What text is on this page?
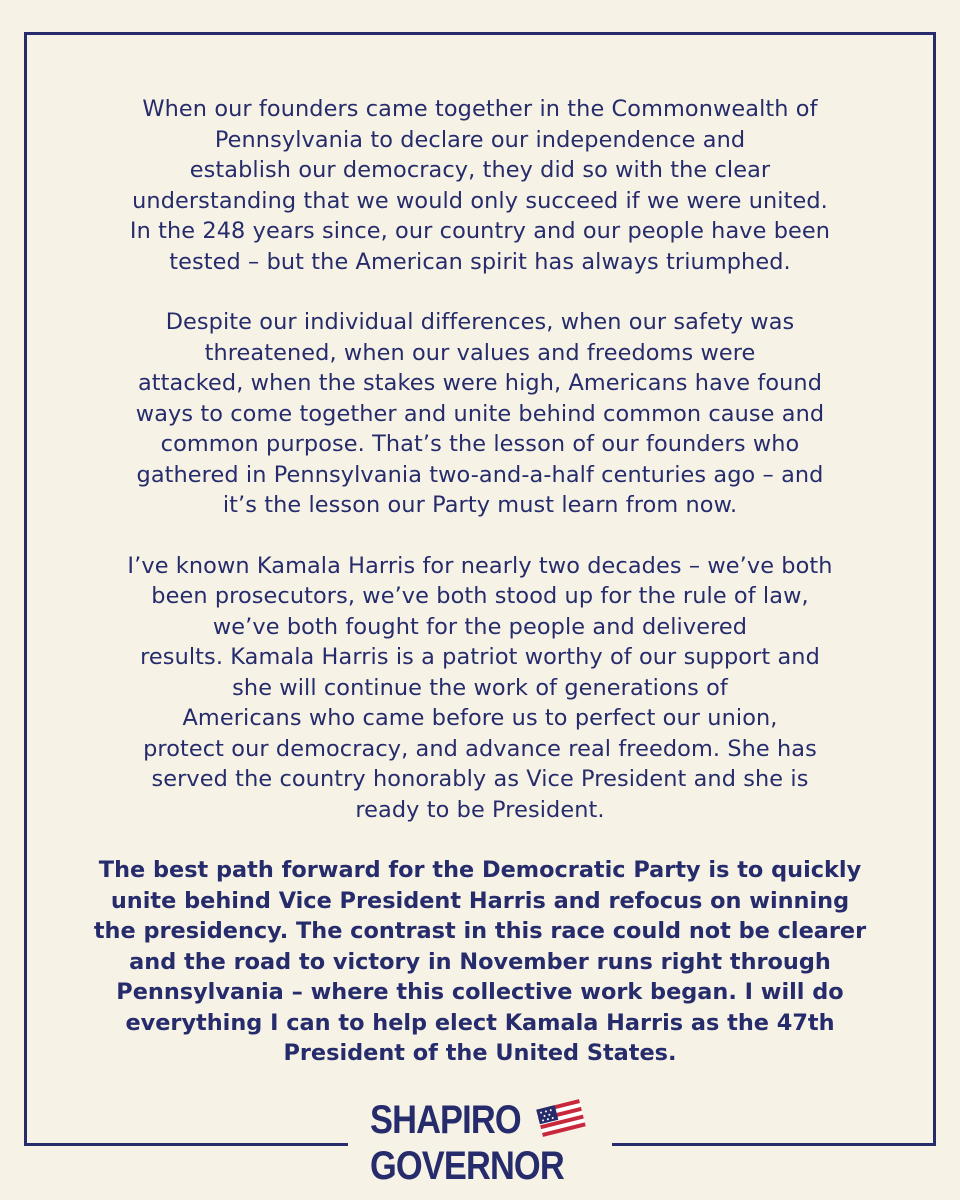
When our founders came together in the Commonwealth of
Pennsylvania to declare our independence and
establish our democracy, they did so with the clear
understanding that we would only succeed if we were united.
In the 248 years since, our country and our people have been
tested – but the American spirit has always triumphed.

Despite our individual differences, when our safety was
threatened, when our values and freedoms were
attacked, when the stakes were high, Americans have found
ways to come together and unite behind common cause and
common purpose. That’s the lesson of our founders who
gathered in Pennsylvania two-and-a-half centuries ago – and
it’s the lesson our Party must learn from now.

I’ve known Kamala Harris for nearly two decades – we’ve both
been prosecutors, we’ve both stood up for the rule of law,
we’ve both fought for the people and delivered
results. Kamala Harris is a patriot worthy of our support and
she will continue the work of generations of
Americans who came before us to perfect our union,
protect our democracy, and advance real freedom. She has
served the country honorably as Vice President and she is
ready to be President.

The best path forward for the Democratic Party is to quickly
unite behind Vice President Harris and refocus on winning
the presidency. The contrast in this race could not be clearer
and the road to victory in November runs right through
Pennsylvania – where this collective work began. I will do
everything I can to help elect Kamala Harris as the 47th
President of the United States.

SHAPIRO
GOVERNOR
